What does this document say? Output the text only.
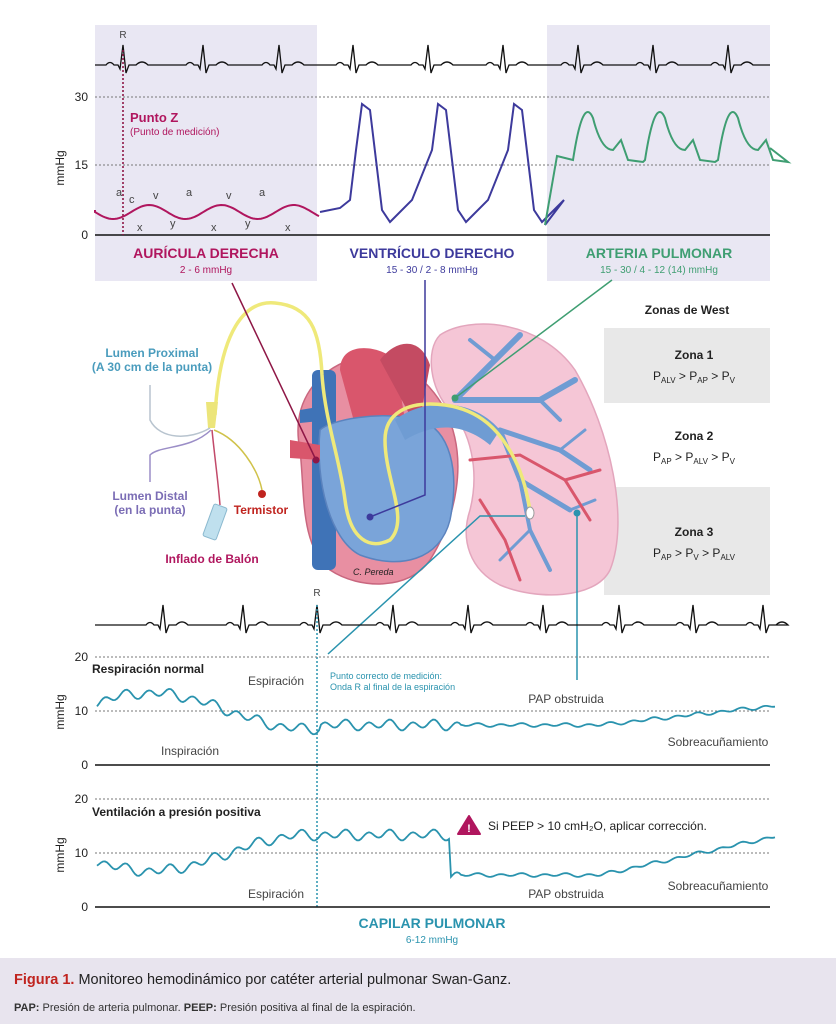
R
30
15
0
mmHg
Punto Z
(Punto de medición)
a
c v	a	v	a
x	y	x	y	x
AURÍCULA DERECHA
2 - 6 mmHg
VENTRÍCULO DERECHO
15 - 30 / 2 - 8 mmHg
ARTERIA PULMONAR
15 - 30 / 4 - 12 (14) mmHg
Zonas de West
Zona 1
$P_{ALV} > P_{AP} > P_V$
Zona 2
$P_{AP} > P_{ALV} > P_V$
Zona 3
$P_{AP} > P_V > P_{ALV}$
C. Pereda
Lumen Proximal
(A 30 cm de la punta)
Lumen Distal
(en la punta)	Termistor
Inflado de Balón
R
20
10
0
mmHg
Respiración normal
Espiración
Inspiración
Punto correcto de medición:
Onda R al final de la espiración
PAP obstruida
Sobreacuñamiento
20
10
0
mmHg
Ventilación a presión positiva
! Si PEEP > 10 cmH₂O, aplicar corrección.
Espiración	PAP obstruida
Sobreacuñamiento
CAPILAR PULMONAR
6-12 mmHg
Figura 1. Monitoreo hemodinámico por catéter arterial pulmonar Swan-Ganz.
PAP: Presión de arteria pulmonar. PEEP: Presión positiva al final de la espiración.
